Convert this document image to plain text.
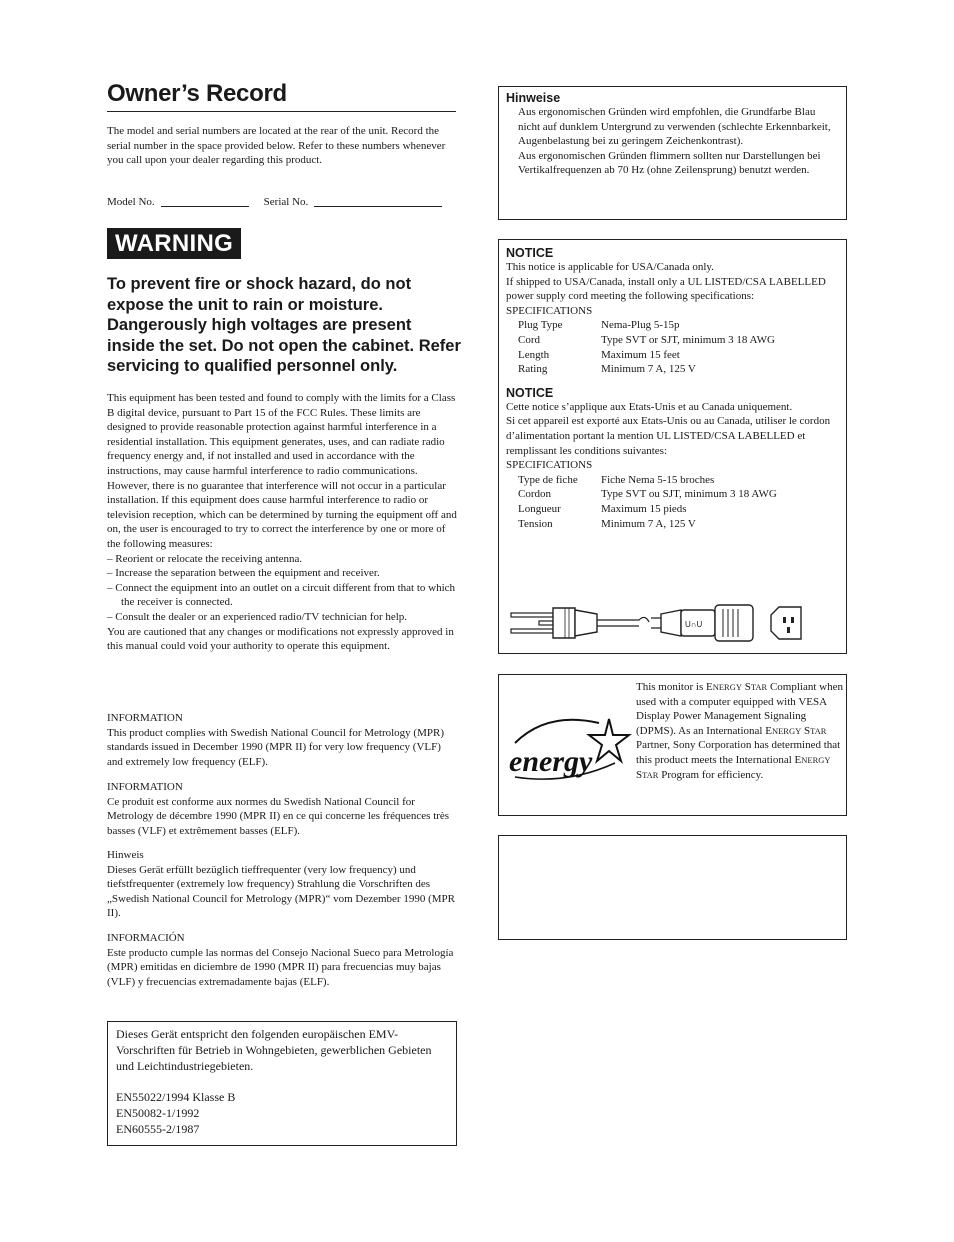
Owner’s Record
The model and serial numbers are located at the rear of the unit. Record the serial number in the space provided below. Refer to these numbers whenever you call upon your dealer regarding this product.
Model No.	Serial No.
WARNING
To prevent fire or shock hazard, do not expose the unit to rain or moisture. Dangerously high voltages are present inside the set. Do not open the cabinet. Refer servicing to qualified personnel only.

This equipment has been tested and found to comply with the limits for a Class B digital device, pursuant to Part 15 of the FCC Rules. These limits are designed to provide reasonable protection against harmful interference in a residential installation. This equipment generates, uses, and can radiate radio frequency energy and, if not installed and used in accordance with the instructions, may cause harmful interference to radio communications. However, there is no guarantee that interference will not occur in a particular installation. If this equipment does cause harmful interference to radio or television reception, which can be determined by turning the equipment off and on, the user is encouraged to try to correct the interference by one or more of the following measures:

– Reorient or relocate the receiving antenna.

– Increase the separation between the equipment and receiver.

– Connect the equipment into an outlet on a circuit different from that to which the receiver is connected.

– Consult the dealer or an experienced radio/TV technician for help.

You are cautioned that any changes or modifications not expressly approved in this manual could void your authority to operate this equipment.

INFORMATION

This product complies with Swedish National Council for Metrology (MPR) standards issued in December 1990 (MPR II) for very low frequency (VLF) and extremely low frequency (ELF).

INFORMATION

Ce produit est conforme aux normes du Swedish National Council for Metrology de décembre 1990 (MPR II) en ce qui concerne les fréquences très basses (VLF) et extrêmement basses (ELF).

Hinweis

Dieses Gerät erfüllt bezüglich tieffrequenter (very low frequency) und tiefstfrequenter (extremely low frequency) Strahlung die Vorschriften des „Swedish National Council for Metrology (MPR)“ vom Dezember 1990 (MPR II).

INFORMACIÓN

Este producto cumple las normas del Consejo Nacional Sueco para Metrología (MPR) emitidas en diciembre de 1990 (MPR II) para frecuencias muy bajas (VLF) y frecuencias extremadamente bajas (ELF).

Dieses Gerät entspricht den folgenden europäischen EMV-Vorschriften für Betrieb in Wohngebieten, gewerblichen Gebieten und Leichtindustriegebieten.

EN55022/1994 Klasse B

EN50082-1/1992

EN60555-2/1987

Hinweise

Aus ergonomischen Gründen wird empfohlen, die Grundfarbe Blau nicht auf dunklem Untergrund zu verwenden (schlechte Erkennbarkeit, Augenbelastung bei zu geringem Zeichenkontrast).
Aus ergonomischen Gründen flimmern sollten nur Darstellungen bei Vertikalfrequenzen ab 70 Hz (ohne Zeilensprung) benutzt werden.

NOTICE

This notice is applicable for USA/Canada only.
If shipped to USA/Canada, install only a UL LISTED/CSA LABELLED power supply cord meeting the following specifications:
SPECIFICATIONS
Plug Type	Nema-Plug 5-15p
Cord	Type SVT or SJT, minimum 3 18 AWG
Length	Maximum 15 feet
Rating	Minimum 7 A, 125 V

NOTICE

Cette notice s’applique aux Etats-Unis et au Canada uniquement.
Si cet appareil est exporté aux Etats-Unis ou au Canada, utiliser le cordon d’alimentation portant la mention UL LISTED/CSA LABELLED et remplissant les conditions suivantes:
SPECIFICATIONS
Type de fiche	Fiche Nema 5-15 broches
Cordon	Type SVT ou SJT, minimum 3 18 AWG
Longueur	Maximum 15 pieds
Tension	Minimum 7 A, 125 V
U∩U
energy
This monitor is ENERGY STAR Compliant when used with a computer equipped with VESA Display Power Management Signaling (DPMS). As an International ENERGY STAR Partner, Sony Corporation has determined that this product meets the International ENERGY STAR Program for efficiency.
